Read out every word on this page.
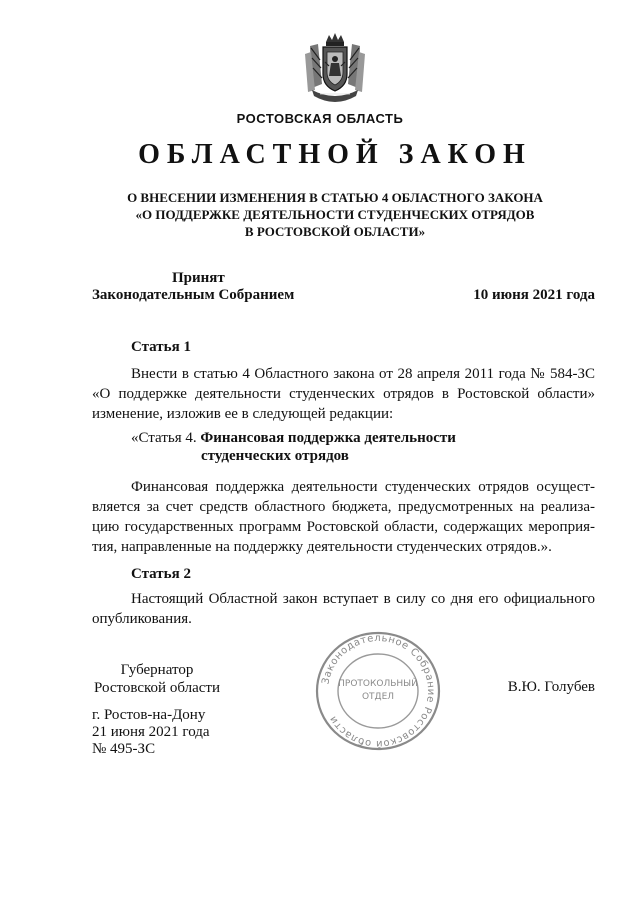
РОСТОВСКАЯ ОБЛАСТЬ
ОБЛАСТНОЙ ЗАКОН
О ВНЕСЕНИИ ИЗМЕНЕНИЯ В СТАТЬЮ 4 ОБЛАСТНОГО ЗАКОНА
«О ПОДДЕРЖКЕ ДЕЯТЕЛЬНОСТИ СТУДЕНЧЕСКИХ ОТРЯДОВ
В РОСТОВСКОЙ ОБЛАСТИ»
Принят
Законодательным Собранием	10 июня 2021 года
Статья 1
Внести в статью 4 Областного закона от 28 апреля 2011 года № 584-ЗС
«О поддержке деятельности студенческих отрядов в Ростовской области»
изменение, изложив ее в следующей редакции:
«Статья 4. Финансовая поддержка деятельности
студенческих отрядов
Финансовая поддержка деятельности студенческих отрядов осущест-
вляется за счет средств областного бюджета, предусмотренных на реализа-
цию государственных программ Ростовской области, содержащих мероприя-
тия, направленные на поддержку деятельности студенческих отрядов.».
Статья 2
Настоящий Областной закон вступает в силу со дня его официального
опубликования.
Губернатор
Ростовской области	Законодательное Собрание Ростовской области
ПРОТОКОЛЬНЫЙ
ОТДЕЛ
В.Ю. Голубев
г. Ростов-на-Дону
21 июня 2021 года
№ 495-ЗС
